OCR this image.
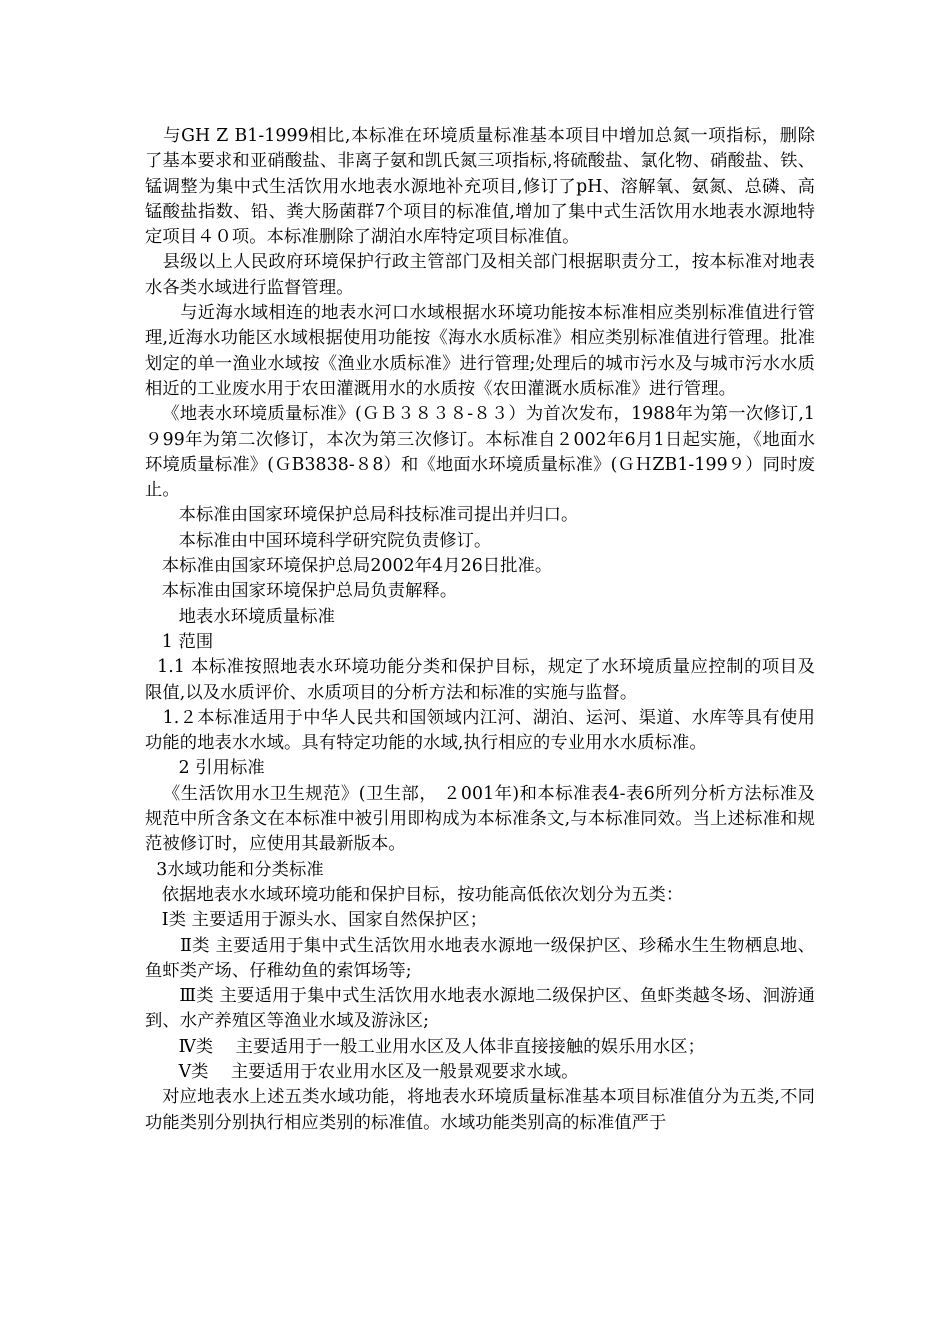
与GH Z B1-1999相比,本标准在环境质量标准基本项目中增加总氮一项指标，删除了基本要求和亚硝酸盐、非离子氨和凯氏氮三项指标,将硫酸盐、氯化物、硝酸盐、铁、锰调整为集中式生活饮用水地表水源地补充项目,修订了pH、溶解氧、氨氮、总磷、高锰酸盐指数、铅、粪大肠菌群7个项目的标准值,增加了集中式生活饮用水地表水源地特定项目４０项。本标准删除了湖泊水库特定项目标准值。

县级以上人民政府环境保护行政主管部门及相关部门根据职责分工，按本标准对地表水各类水域进行监督管理。

与近海水域相连的地表水河口水域根据水环境功能按本标准相应类别标准值进行管理,近海水功能区水域根据使用功能按《海水水质标准》相应类别标准值进行管理。批准划定的单一渔业水域按《渔业水质标准》进行管理;处理后的城市污水及与城市污水水质相近的工业废水用于农田灌溉用水的水质按《农田灌溉水质标准》进行管理。

《地表水环境质量标准》(ＧＢ３８３８-８３）为首次发布，1988年为第一次修订,1９99年为第二次修订，本次为第三次修订。本标准自２002年6月1日起实施，《地面水环境质量标准》(ＧB3838-８8）和《地面水环境质量标准》(ＧＨZB1-199９）同时废止。

本标准由国家环境保护总局科技标准司提出并归口。

本标准由中国环境科学研究院负责修订。

本标准由国家环境保护总局2002年4月26日批准。

本标准由国家环境保护总局负责解释。

地表水环境质量标准

1 范围

1.1 本标准按照地表水环境功能分类和保护目标，规定了水环境质量应控制的项目及限值,以及水质评价、水质项目的分析方法和标准的实施与监督。

1.２本标准适用于中华人民共和国领域内江河、湖泊、运河、渠道、水库等具有使用功能的地表水水域。具有特定功能的水域,执行相应的专业用水水质标准。

2 引用标准

《生活饮用水卫生规范》(卫生部， ２001年)和本标准表4-表6所列分析方法标准及规范中所含条文在本标准中被引用即构成为本标准条文,与本标准同效。当上述标准和规范被修订时，应使用其最新版本。

3水域功能和分类标准

依据地表水水域环境功能和保护目标，按功能高低依次划分为五类：

Ⅰ类 主要适用于源头水、国家自然保护区；

Ⅱ类 主要适用于集中式生活饮用水地表水源地一级保护区、珍稀水生生物栖息地、鱼虾类产场、仔稚幼鱼的索饵场等;

Ⅲ类 主要适用于集中式生活饮用水地表水源地二级保护区、鱼虾类越冬场、洄游通到、水产养殖区等渔业水域及游泳区;

Ⅳ类    主要适用于一般工业用水区及人体非直接接触的娱乐用水区；

Ⅴ类    主要适用于农业用水区及一般景观要求水域。

对应地表水上述五类水域功能，将地表水环境质量标准基本项目标准值分为五类,不同功能类别分别执行相应类别的标准值。水域功能类别高的标准值严于
